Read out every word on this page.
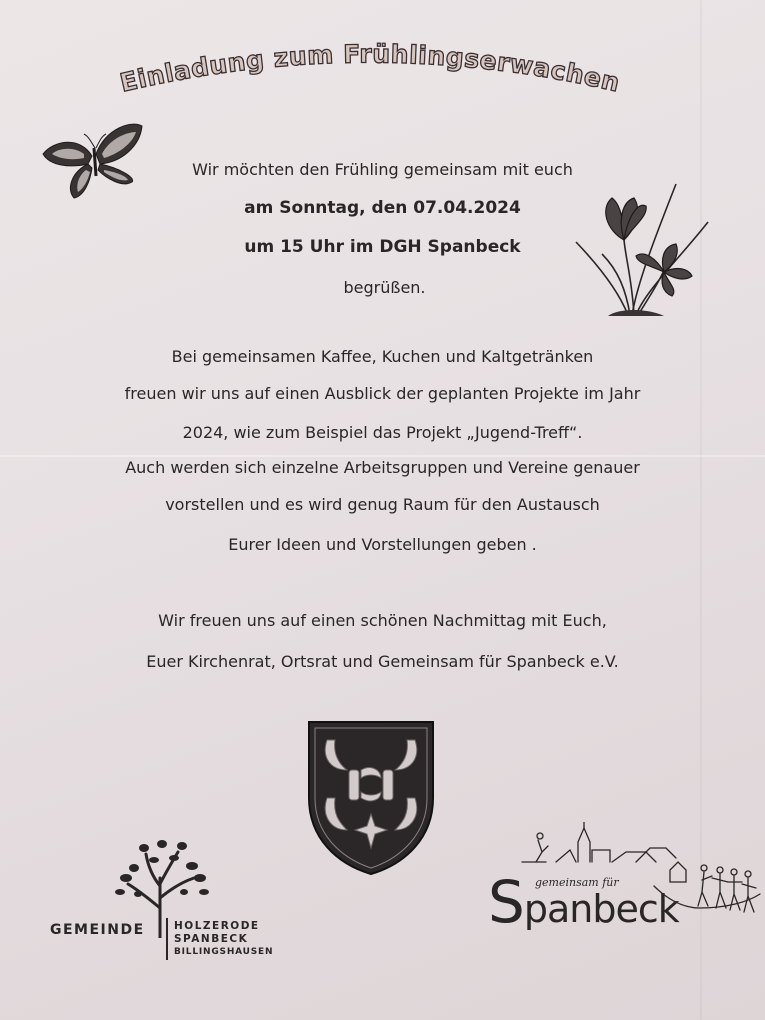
inladung zum Frühlingserwache
Wir möchten den Frühling gemeinsam mit euch
am Sonntag, den 07.04.2024
um 15 Uhr im DGH Spanbeck
begrüßen.
Bei gemeinsamen Kaffee, Kuchen und Kaltgetränken
freuen wir uns auf einen Ausblick der geplanten Projekte im Jahr
2024, wie zum Beispiel das Projekt „Jugend-Treff“.
Auch werden sich einzelne Arbeitsgruppen und Vereine genauer
vorstellen und es wird genug Raum für den Austausch
Eurer Ideen und Vorstellungen geben .
Wir freuen uns auf einen schönen Nachmittag mit Euch,
Euer Kirchenrat, Ortsrat und Gemeinsam für Spanbeck e.V.
GEMEINDE	HOLZERODE
SPANBECK
BILLINGSHAUSEN
gemeinsam für
Spanbeck
